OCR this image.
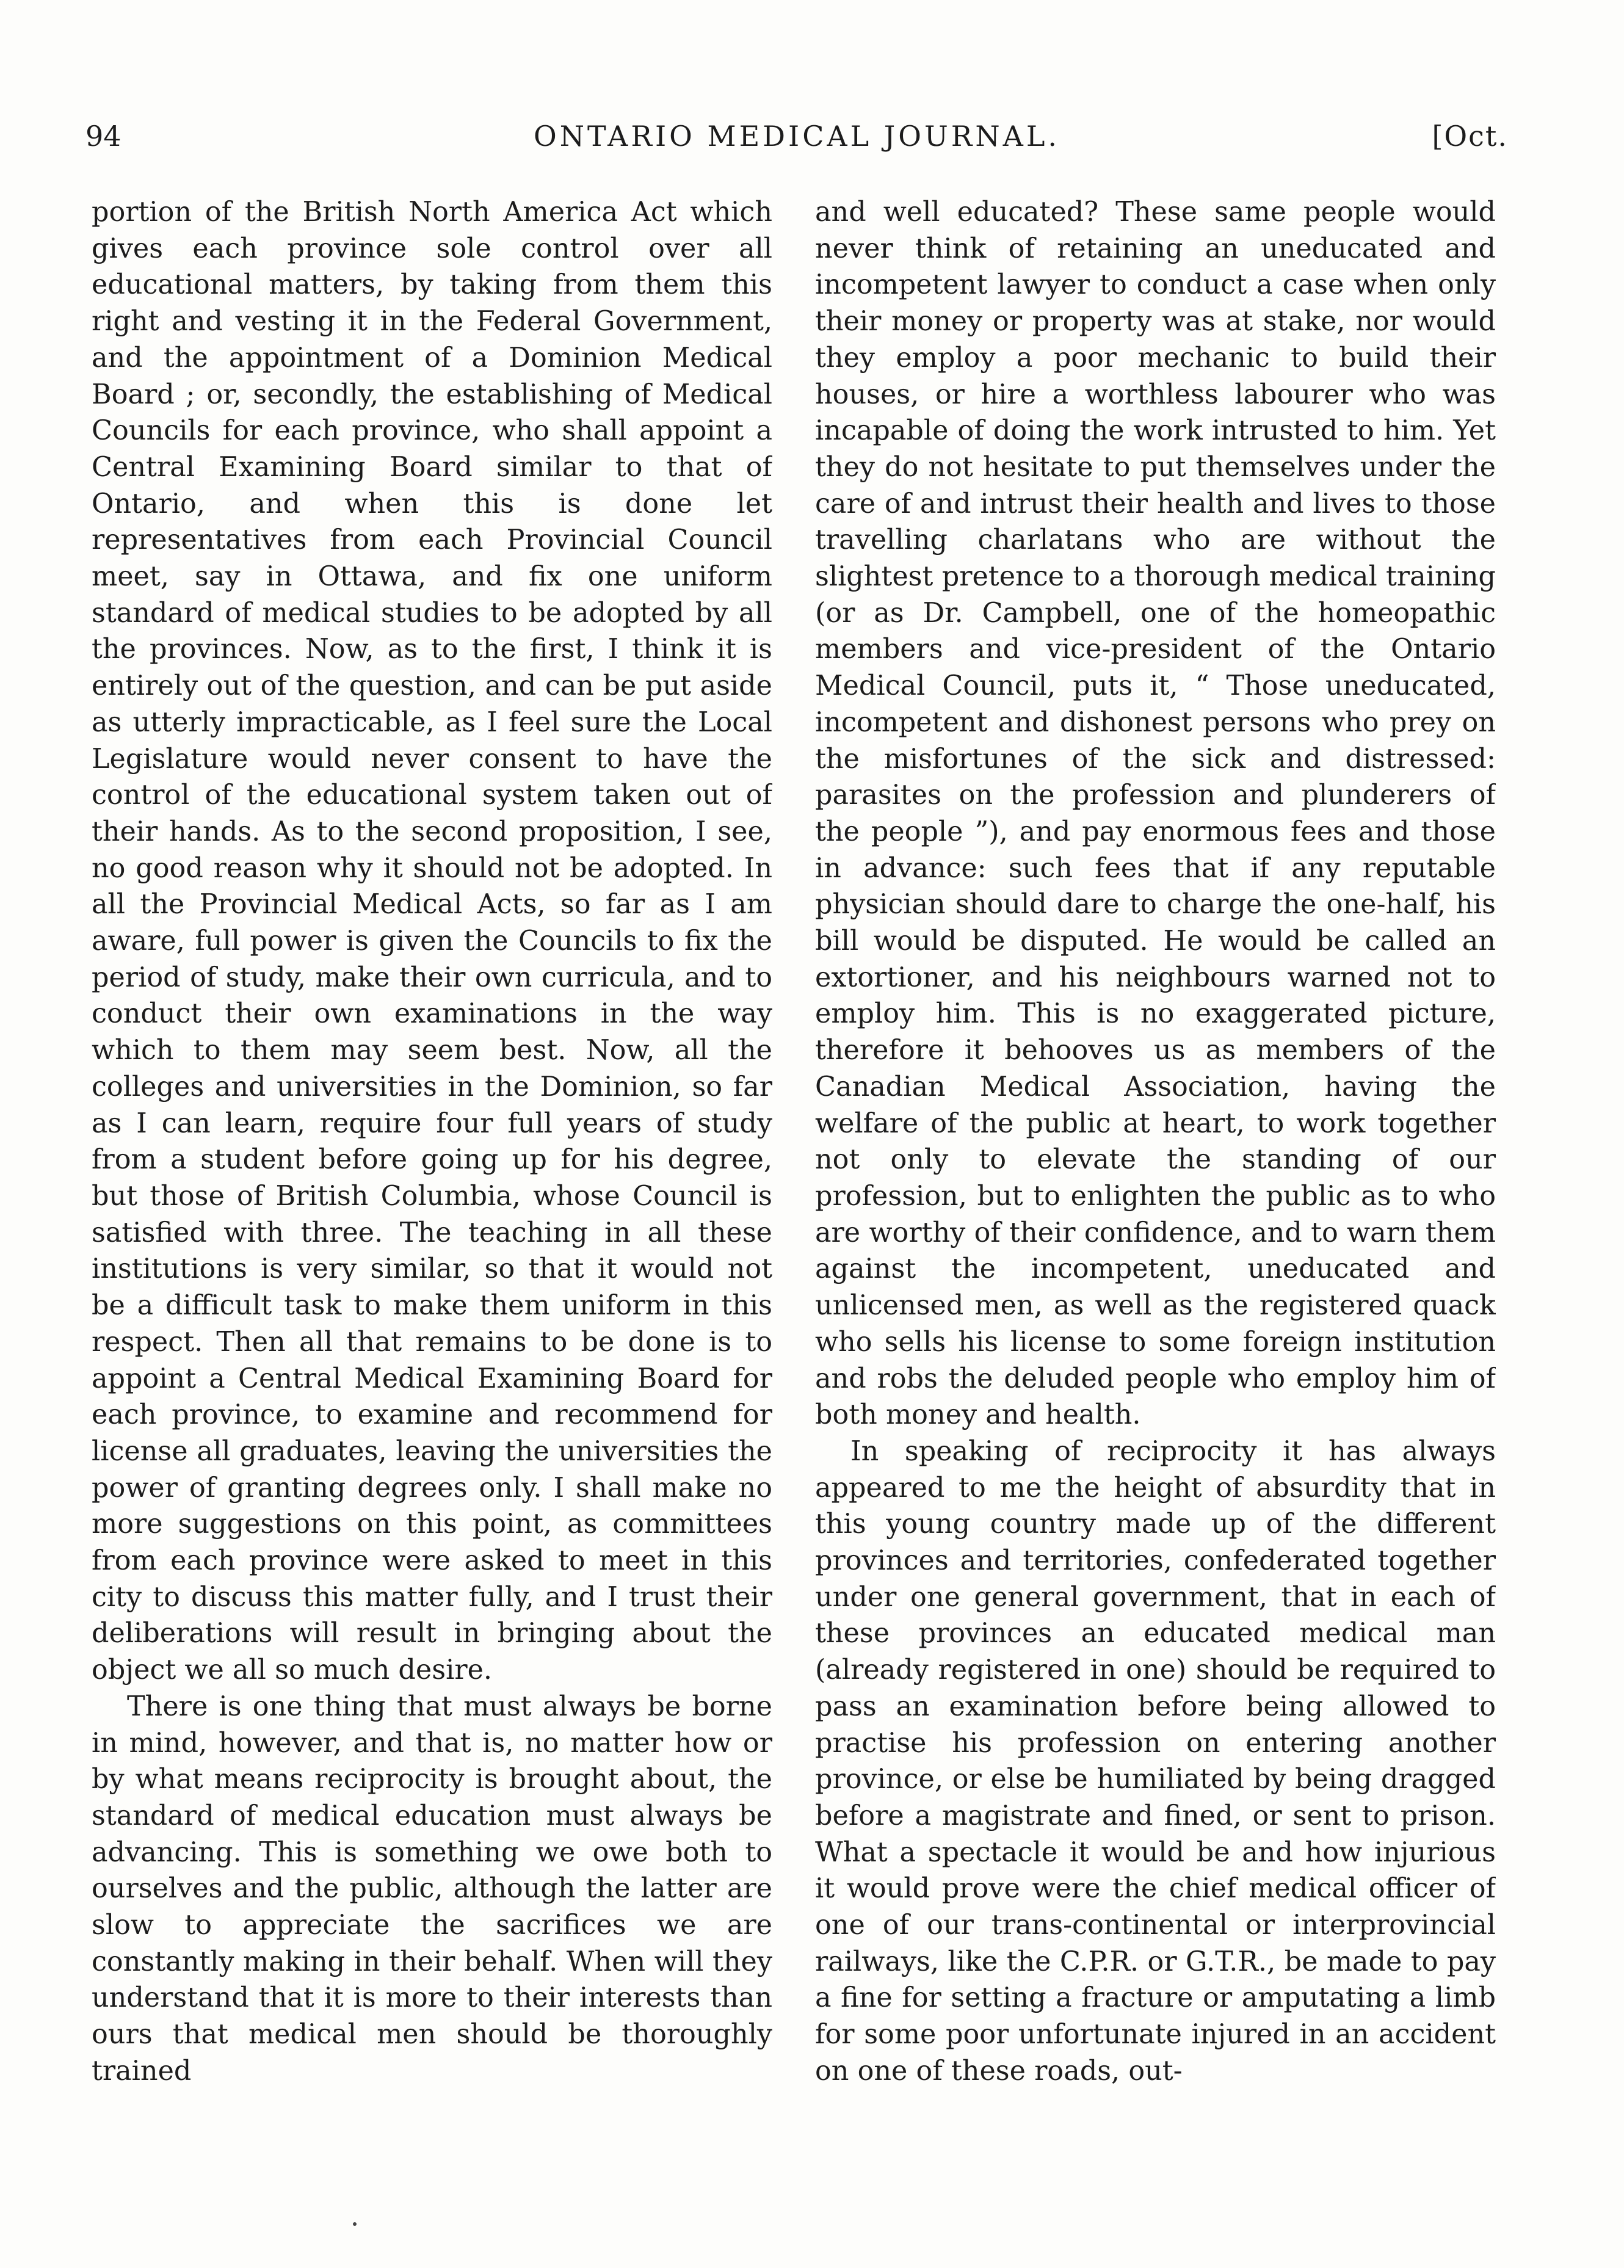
94	ONTARIO MEDICAL JOURNAL.	[Oct.

portion of the British North America Act which gives each province sole control over all educational matters, by taking from them this right and vesting it in the Federal Government, and the appointment of a Dominion Medical Board ; or, secondly, the establishing of Medical Councils for each province, who shall appoint a Central Examining Board similar to that of Ontario, and when this is done let representatives from each Provincial Council meet, say in Ottawa, and fix one uniform standard of medical studies to be adopted by all the provinces. Now, as to the first, I think it is entirely out of the question, and can be put aside as utterly impracticable, as I feel sure the Local Legislature would never consent to have the control of the educational system taken out of their hands. As to the second proposition, I see, no good reason why it should not be adopted. In all the Provincial Medical Acts, so far as I am aware, full power is given the Councils to fix the period of study, make their own curricula, and to conduct their own examinations in the way which to them may seem best. Now, all the colleges and universities in the Dominion, so far as I can learn, require four full years of study from a student before going up for his degree, but those of British Columbia, whose Council is satisfied with three. The teaching in all these institutions is very similar, so that it would not be a difficult task to make them uniform in this respect. Then all that remains to be done is to appoint a Central Medical Examining Board for each province, to examine and recommend for license all graduates, leaving the universities the power of granting degrees only. I shall make no more suggestions on this point, as committees from each province were asked to meet in this city to discuss this matter fully, and I trust their deliberations will result in bringing about the object we all so much desire.

There is one thing that must always be borne in mind, however, and that is, no matter how or by what means reciprocity is brought about, the standard of medical education must always be advancing. This is something we owe both to ourselves and the public, although the latter are slow to appreciate the sacrifices we are constantly making in their behalf. When will they understand that it is more to their interests than ours that medical men should be thoroughly trained

and well educated? These same people would never think of retaining an uneducated and incompetent lawyer to conduct a case when only their money or property was at stake, nor would they employ a poor mechanic to build their houses, or hire a worthless labourer who was incapable of doing the work intrusted to him. Yet they do not hesitate to put themselves under the care of and intrust their health and lives to those travelling charlatans who are without the slightest pretence to a thorough medical training (or as Dr. Campbell, one of the homeopathic members and vice-president of the Ontario Medical Council, puts it, “ Those uneducated, incompetent and dishonest persons who prey on the misfortunes of the sick and distressed: parasites on the profession and plunderers of the people ”), and pay enormous fees and those in advance: such fees that if any reputable physician should dare to charge the one-half, his bill would be disputed. He would be called an extortioner, and his neighbours warned not to employ him. This is no exaggerated picture, therefore it behooves us as members of the Canadian Medical Association, having the welfare of the public at heart, to work together not only to elevate the standing of our profession, but to enlighten the public as to who are worthy of their confidence, and to warn them against the incompetent, uneducated and unlicensed men, as well as the registered quack who sells his license to some foreign institution and robs the deluded people who employ him of both money and health.

In speaking of reciprocity it has always appeared to me the height of absurdity that in this young country made up of the different provinces and territories, confederated together under one general government, that in each of these provinces an educated medical man (already registered in one) should be required to pass an examination before being allowed to practise his profession on entering another province, or else be humiliated by being dragged before a magistrate and fined, or sent to prison. What a spectacle it would be and how injurious it would prove were the chief medical officer of one of our trans-continental or interprovincial railways, like the C.P.R. or G.T.R., be made to pay a fine for setting a fracture or amputating a limb for some poor unfortunate injured in an accident on one of these roads, out-
